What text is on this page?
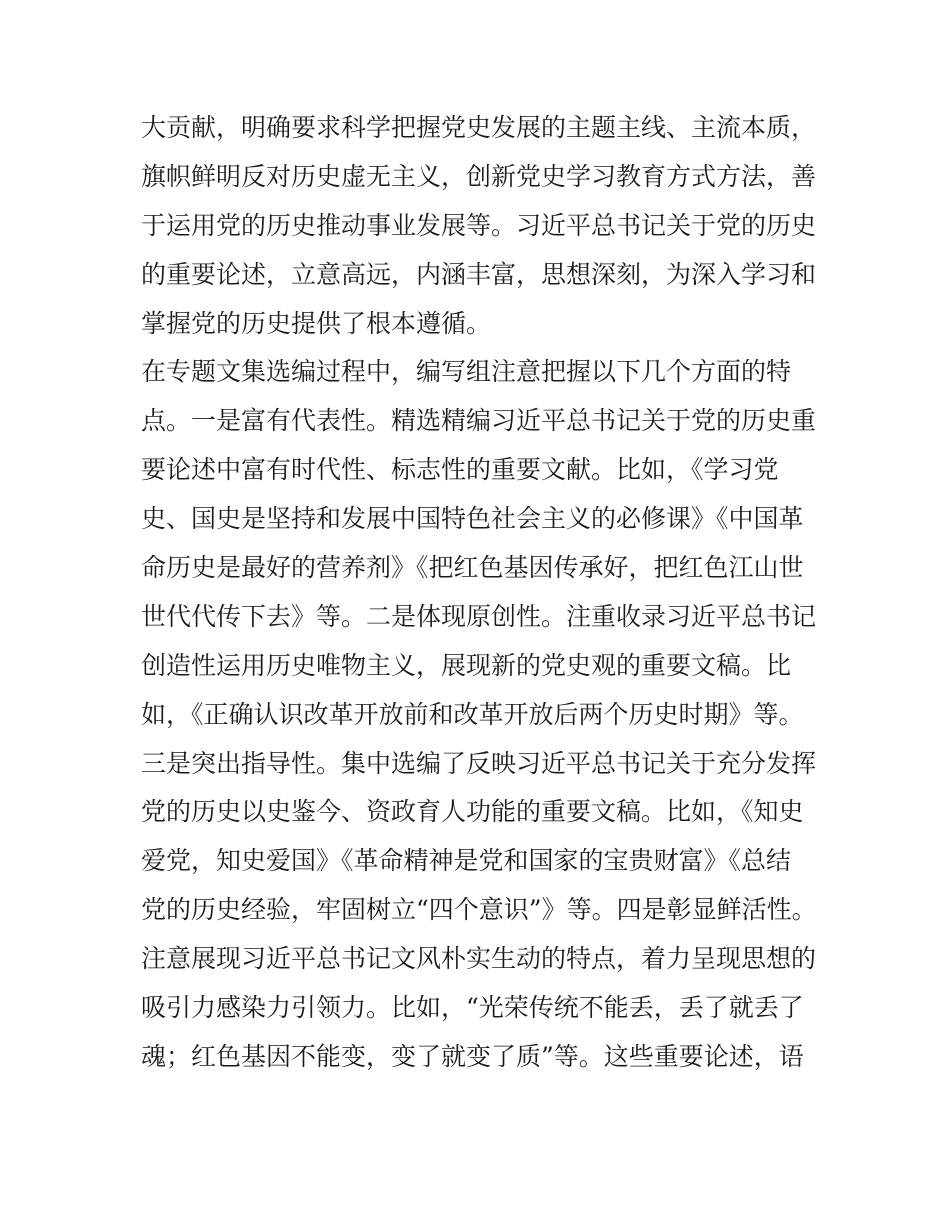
大贡献，明确要求科学把握党史发展的主题主线、主流本质，
旗帜鲜明反对历史虚无主义，创新党史学习教育方式方法，善
于运用党的历史推动事业发展等。习近平总书记关于党的历史
的重要论述，立意高远，内涵丰富，思想深刻，为深入学习和
掌握党的历史提供了根本遵循。
在专题文集选编过程中，编写组注意把握以下几个方面的特
点。一是富有代表性。精选精编习近平总书记关于党的历史重
要论述中富有时代性、标志性的重要文献。比如，《学习党
史、国史是坚持和发展中国特色社会主义的必修课》《中国革
命历史是最好的营养剂》《把红色基因传承好，把红色江山世
世代代传下去》等。二是体现原创性。注重收录习近平总书记
创造性运用历史唯物主义，展现新的党史观的重要文稿。比
如，《正确认识改革开放前和改革开放后两个历史时期》等。
三是突出指导性。集中选编了反映习近平总书记关于充分发挥
党的历史以史鉴今、资政育人功能的重要文稿。比如，《知史
爱党，知史爱国》《革命精神是党和国家的宝贵财富》《总结
党的历史经验，牢固树立“四个意识”》等。四是彰显鲜活性。
注意展现习近平总书记文风朴实生动的特点，着力呈现思想的
吸引力感染力引领力。比如，“光荣传统不能丢，丢了就丢了
魂；红色基因不能变，变了就变了质”等。这些重要论述，语
